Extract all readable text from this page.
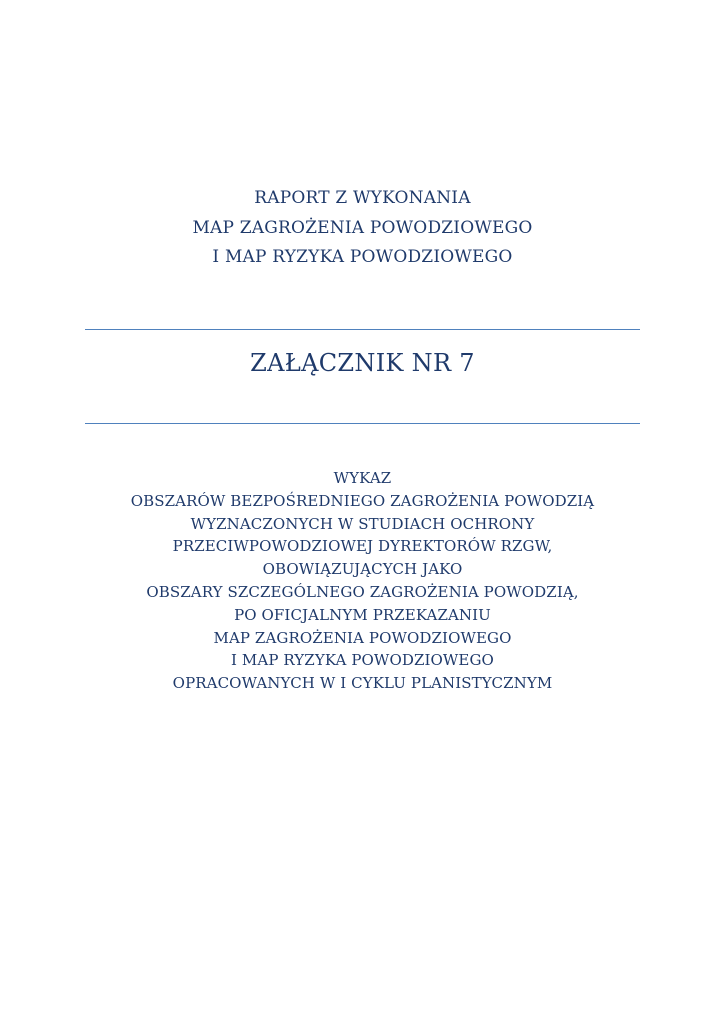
RAPORT Z WYKONANIA
MAP ZAGROŻENIA POWODZIOWEGO
I MAP RYZYKA POWODZIOWEGO
ZAŁĄCZNIK NR 7
WYKAZ
OBSZARÓW BEZPOŚREDNIEGO ZAGROŻENIA POWODZIĄ
WYZNACZONYCH W STUDIACH OCHRONY
PRZECIWPOWODZIOWEJ DYREKTORÓW RZGW,
OBOWIĄZUJĄCYCH JAKO
OBSZARY SZCZEGÓLNEGO ZAGROŻENIA POWODZIĄ,
PO OFICJALNYM PRZEKAZANIU
MAP ZAGROŻENIA POWODZIOWEGO
I MAP RYZYKA POWODZIOWEGO
OPRACOWANYCH W I CYKLU PLANISTYCZNYM
